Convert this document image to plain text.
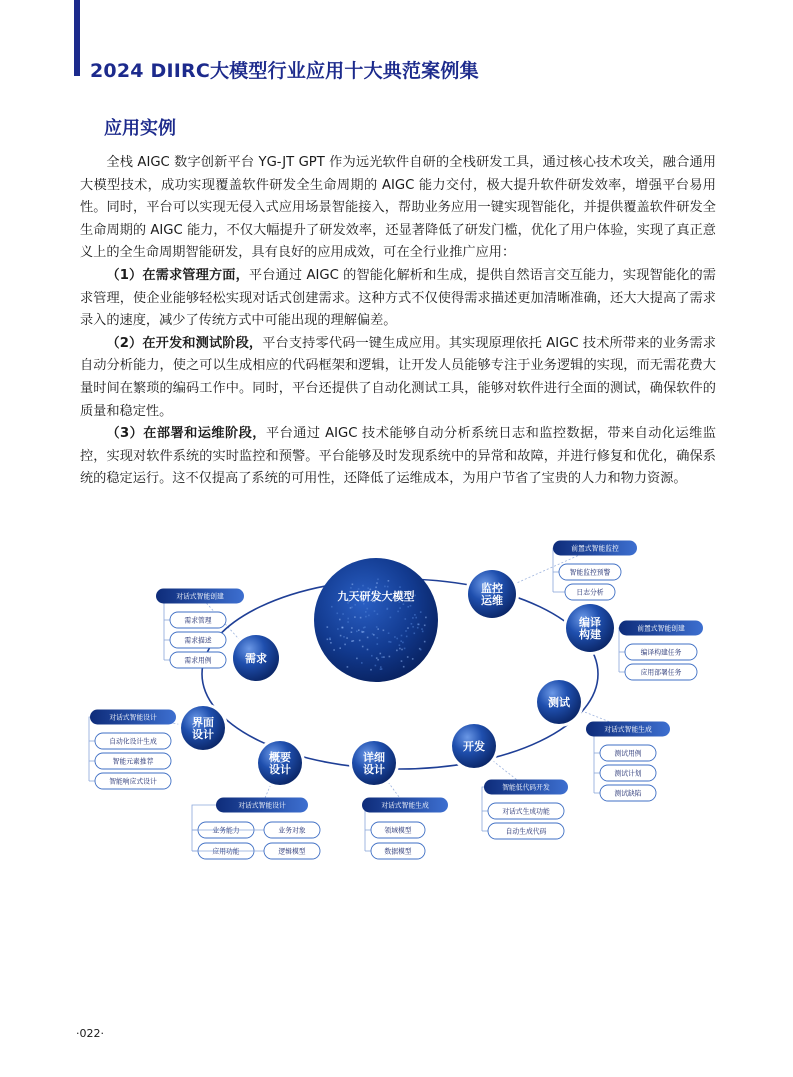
2024 DIIRC大模型行业应用十大典范案例集
应用实例

全栈 AIGC 数字创新平台 YG-JT GPT 作为远光软件自研的全栈研发工具，通过核心技术攻关，融合通用大模型技术，成功实现覆盖软件研发全生命周期的 AIGC 能力交付，极大提升软件研发效率，增强平台易用性。同时，平台可以实现无侵入式应用场景智能接入，帮助业务应用一键实现智能化，并提供覆盖软件研发全生命周期的 AIGC 能力，不仅大幅提升了研发效率，还显著降低了研发门槛，优化了用户体验，实现了真正意义上的全生命周期智能研发，具有良好的应用成效，可在全行业推广应用：

（1）在需求管理方面，平台通过 AIGC 的智能化解析和生成，提供自然语言交互能力，实现智能化的需求管理，使企业能够轻松实现对话式创建需求。这种方式不仅使得需求描述更加清晰准确，还大大提高了需求录入的速度，减少了传统方式中可能出现的理解偏差。

（2）在开发和测试阶段，平台支持零代码一键生成应用。其实现原理依托 AIGC 技术所带来的业务需求自动分析能力，使之可以生成相应的代码框架和逻辑，让开发人员能够专注于业务逻辑的实现，而无需花费大量时间在繁琐的编码工作中。同时，平台还提供了自动化测试工具，能够对软件进行全面的测试，确保软件的质量和稳定性。

（3）在部署和运维阶段，平台通过 AIGC 技术能够自动分析系统日志和监控数据，带来自动化运维监控，实现对软件系统的实时监控和预警。平台能够及时发现系统中的异常和故障，并进行修复和优化，确保系统的稳定运行。这不仅提高了系统的可用性，还降低了运维成本，为用户节省了宝贵的人力和物力资源。

九天研发大模型
智能监控预警
日志分析
前置式智能监控
编译构建任务
应用部署任务
前置式智能创建
测试用例
测试计划
测试缺陷
对话式智能生成
对话式生成功能
自动生成代码
智能低代码开发
领域模型
数据模型
对话式智能生成
业务能力	业务对象
应用功能	逻辑模型
对话式智能设计
自动化设计生成
智能元素推荐
智能响应式设计
对话式智能设计
需求管理
需求描述
需求用例
对话式智能创建
监控
运维
编译
构建
测试
开发
详细
设计
概要
设计
界面
设计
需求
·022·
